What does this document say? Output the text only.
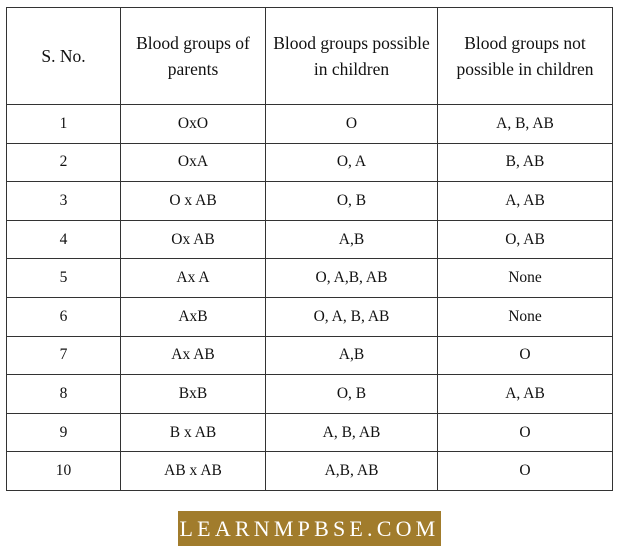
S. No.	Blood groups of parents	Blood groups possible in children	Blood groups not possible in children
1	OxO	O	A, B, AB
2	OxA	O, A	B, AB
3	O x AB	O, B	A, AB
4	Ox AB	A,B	O, AB
5	Ax A	O, A,B, AB	None
6	AxB	O, A, B, AB	None
7	Ax AB	A,B	O
8	BxB	O, B	A, AB
9	B x AB	A, B, AB	O
10	AB x AB	A,B, AB	O
LEARNMPBSE.COM
